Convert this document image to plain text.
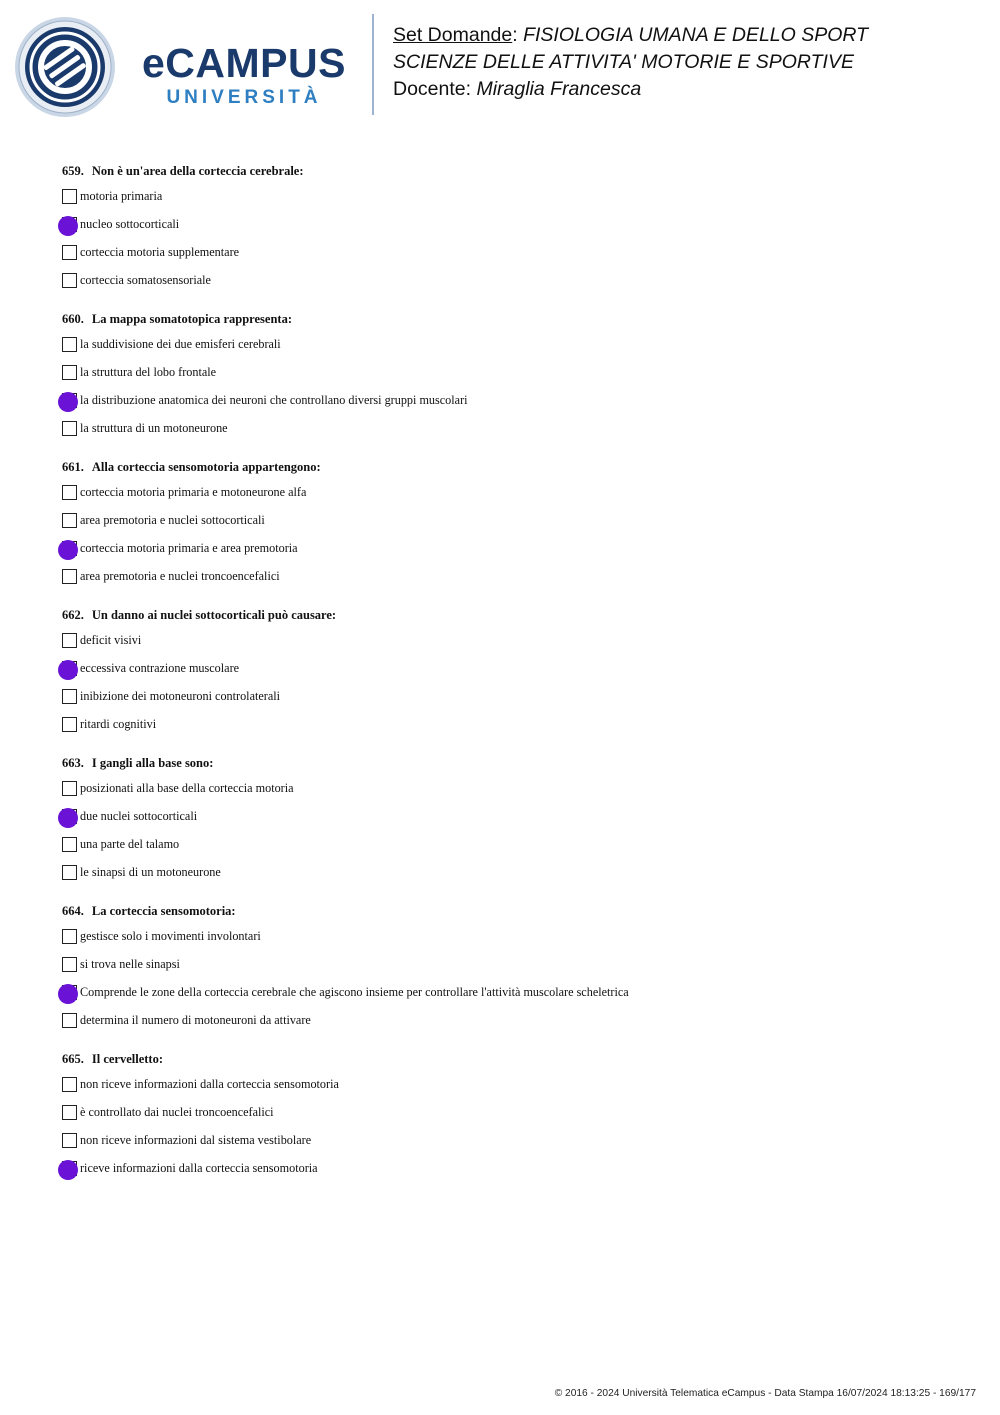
eCAMPUS
UNIVERSITÀ
Set Domande: FISIOLOGIA UMANA E DELLO SPORT
SCIENZE DELLE ATTIVITA' MOTORIE E SPORTIVE
Docente: Miraglia Francesca
659. Non è un'area della corteccia cerebrale:
motoria primaria
nucleo sottocorticali
corteccia motoria supplementare
corteccia somatosensoriale
660. La mappa somatotopica rappresenta:
la suddivisione dei due emisferi cerebrali
la struttura del lobo frontale
la distribuzione anatomica dei neuroni che controllano diversi gruppi muscolari
la struttura di un motoneurone
661. Alla corteccia sensomotoria appartengono:
corteccia motoria primaria e motoneurone alfa
area premotoria e nuclei sottocorticali
corteccia motoria primaria e area premotoria
area premotoria e nuclei troncoencefalici
662. Un danno ai nuclei sottocorticali può causare:
deficit visivi
eccessiva contrazione muscolare
inibizione dei motoneuroni controlaterali
ritardi cognitivi
663. I gangli alla base sono:
posizionati alla base della corteccia motoria
due nuclei sottocorticali
una parte del talamo
le sinapsi di un motoneurone
664. La corteccia sensomotoria:
gestisce solo i movimenti involontari
si trova nelle sinapsi
Comprende le zone della corteccia cerebrale che agiscono insieme per controllare l'attività muscolare scheletrica
determina il numero di motoneuroni da attivare
665. Il cervelletto:
non riceve informazioni dalla corteccia sensomotoria
è controllato dai nuclei troncoencefalici
non riceve informazioni dal sistema vestibolare
riceve informazioni dalla corteccia sensomotoria
© 2016 - 2024 Università Telematica eCampus - Data Stampa 16/07/2024 18:13:25 - 169/177
